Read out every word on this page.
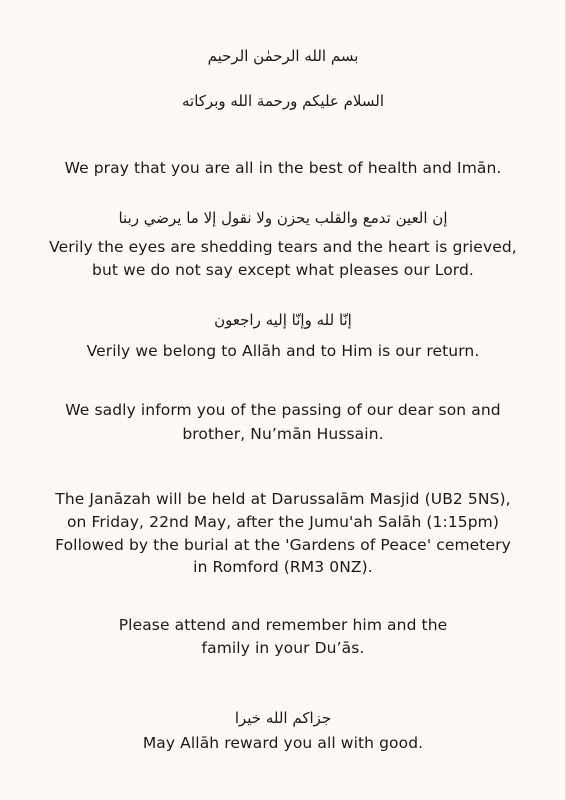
بسم الله الرحمٰن الرحيم
السلام عليكم ورحمة الله وبركاته
We pray that you are all in the best of health and Imān.
إن العين تدمع والقلب يحزن ولا نقول إلا ما يرضي ربنا
Verily the eyes are shedding tears and the heart is grieved,
but we do not say except what pleases our Lord.
إنّا لله وإنّا إليه راجعون
Verily we belong to Allāh and to Him is our return.
We sadly inform you of the passing of our dear son and
brother, Nu’mān Hussain.
The Janāzah will be held at Darussalām Masjid (UB2 5NS),
on Friday, 22nd May, after the Jumu'ah Salāh (1:15pm)
Followed by the burial at the 'Gardens of Peace' cemetery
in Romford (RM3 0NZ).
Please attend and remember him and the
family in your Du’ās.
جزاكم الله خيرا
May Allāh reward you all with good.
